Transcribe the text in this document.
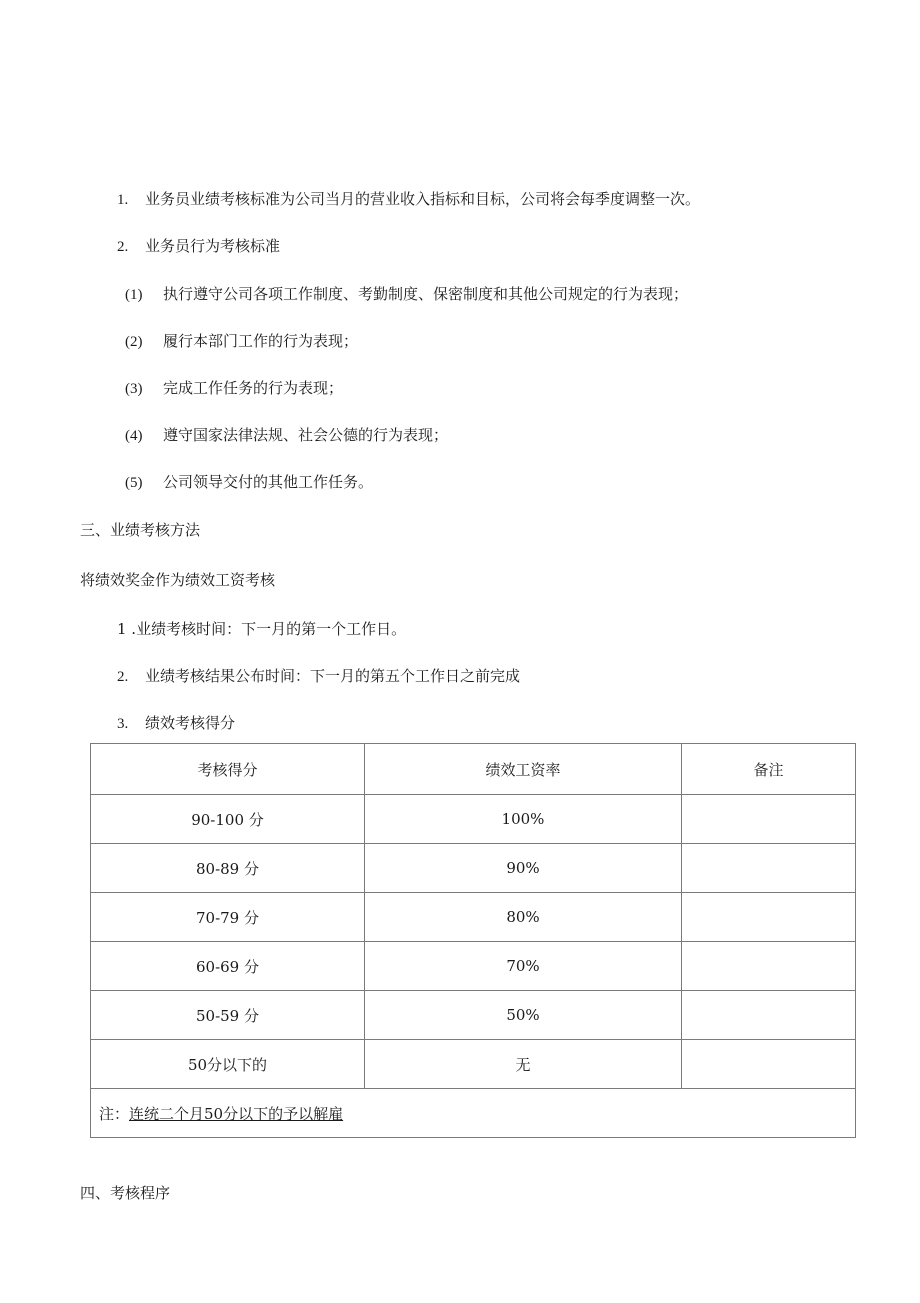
1. 业务员业绩考核标准为公司当月的营业收入指标和目标，公司将会每季度调整一次。
2. 业务员行为考核标准
(1) 执行遵守公司各项工作制度、考勤制度、保密制度和其他公司规定的行为表现；
(2) 履行本部门工作的行为表现；
(3) 完成工作任务的行为表现；
(4) 遵守国家法律法规、社会公德的行为表现；
(5) 公司领导交付的其他工作任务。
三、业绩考核方法
将绩效奖金作为绩效工资考核
1 .业绩考核时间：下一月的第一个工作日。
2. 业绩考核结果公布时间：下一月的第五个工作日之前完成
3. 绩效考核得分
考核得分	绩效工资率	备注
90-100 分	100%	
80-89 分	90%	
70-79 分	80%	
60-69 分	70%	
50-59 分	50%	
50分以下的	无	
注：连统二个月50分以下的予以解雇		
四、考核程序
